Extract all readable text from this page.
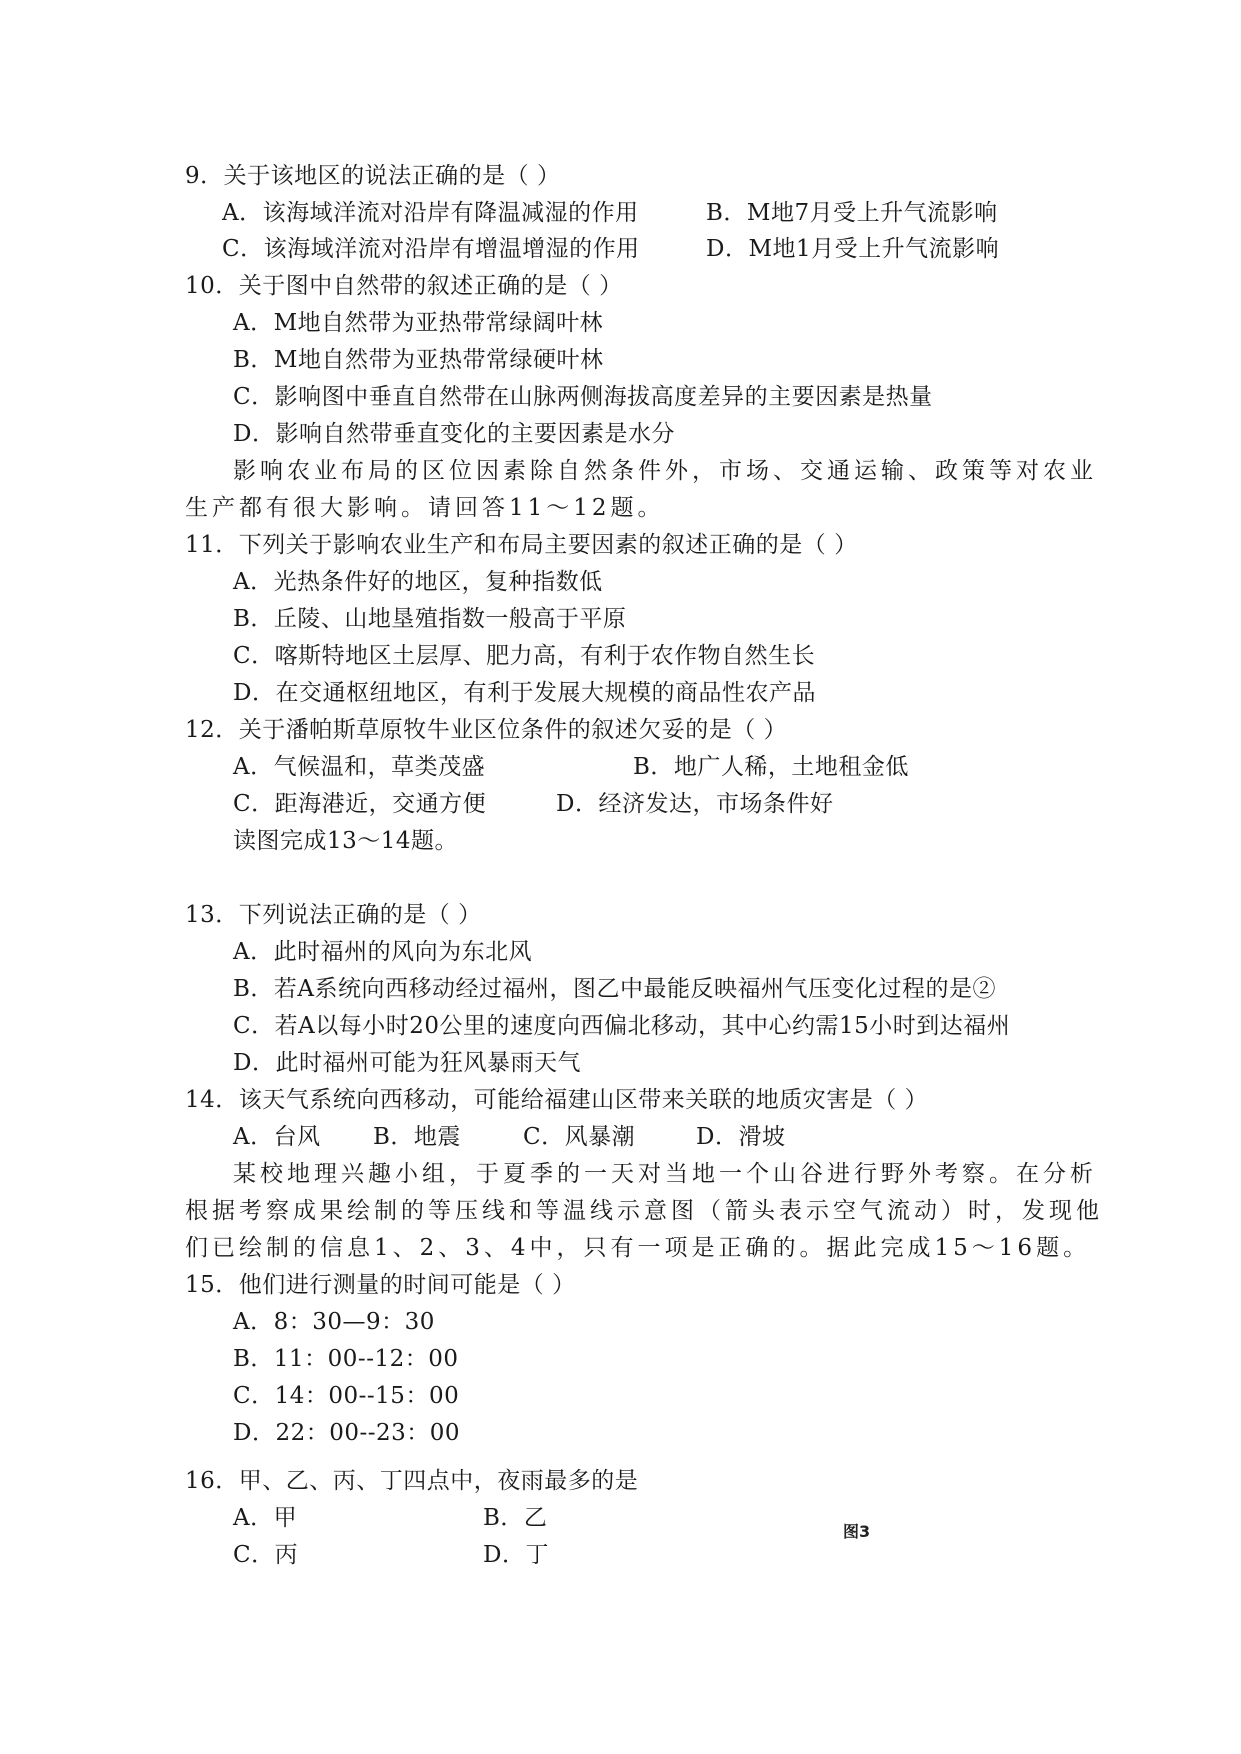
9．关于该地区的说法正确的是（ ）
A．该海域洋流对沿岸有降温减湿的作用	B．M地7月受上升气流影响
C．该海域洋流对沿岸有增温增湿的作用	D．M地1月受上升气流影响
10．关于图中自然带的叙述正确的是（ ）
A．M地自然带为亚热带常绿阔叶林
B．M地自然带为亚热带常绿硬叶林
C．影响图中垂直自然带在山脉两侧海拔高度差异的主要因素是热量
D．影响自然带垂直变化的主要因素是水分
影响农业布局的区位因素除自然条件外，市场、交通运输、政策等对农业
生产都有很大影响。请回答11～12题。
11．下列关于影响农业生产和布局主要因素的叙述正确的是（ ）
A．光热条件好的地区，复种指数低
B．丘陵、山地垦殖指数一般高于平原
C．喀斯特地区土层厚、肥力高，有利于农作物自然生长
D．在交通枢纽地区，有利于发展大规模的商品性农产品
12．关于潘帕斯草原牧牛业区位条件的叙述欠妥的是（ ）
A．气候温和，草类茂盛	B．地广人稀，土地租金低
C．距海港近，交通方便	D．经济发达，市场条件好
读图完成13～14题。
13．下列说法正确的是（ ）
A．此时福州的风向为东北风
B．若A系统向西移动经过福州，图乙中最能反映福州气压变化过程的是②
C．若A以每小时20公里的速度向西偏北移动，其中心约需15小时到达福州
D．此时福州可能为狂风暴雨天气
14．该天气系统向西移动，可能给福建山区带来关联的地质灾害是（ ）
A．台风 B．地震	C．风暴潮	D．滑坡
某校地理兴趣小组，于夏季的一天对当地一个山谷进行野外考察。在分析
根据考察成果绘制的等压线和等温线示意图（箭头表示空气流动）时，发现他
们已绘制的信息1、2、3、4中，只有一项是正确的。据此完成15～16题。
15．他们进行测量的时间可能是（ ）
A．8：30—9：30
B．11：00--12：00
C．14：00--15：00
D．22：00--23：00
16．甲、乙、丙、丁四点中，夜雨最多的是
A．甲	B．乙
C．丙	D．丁
图3
